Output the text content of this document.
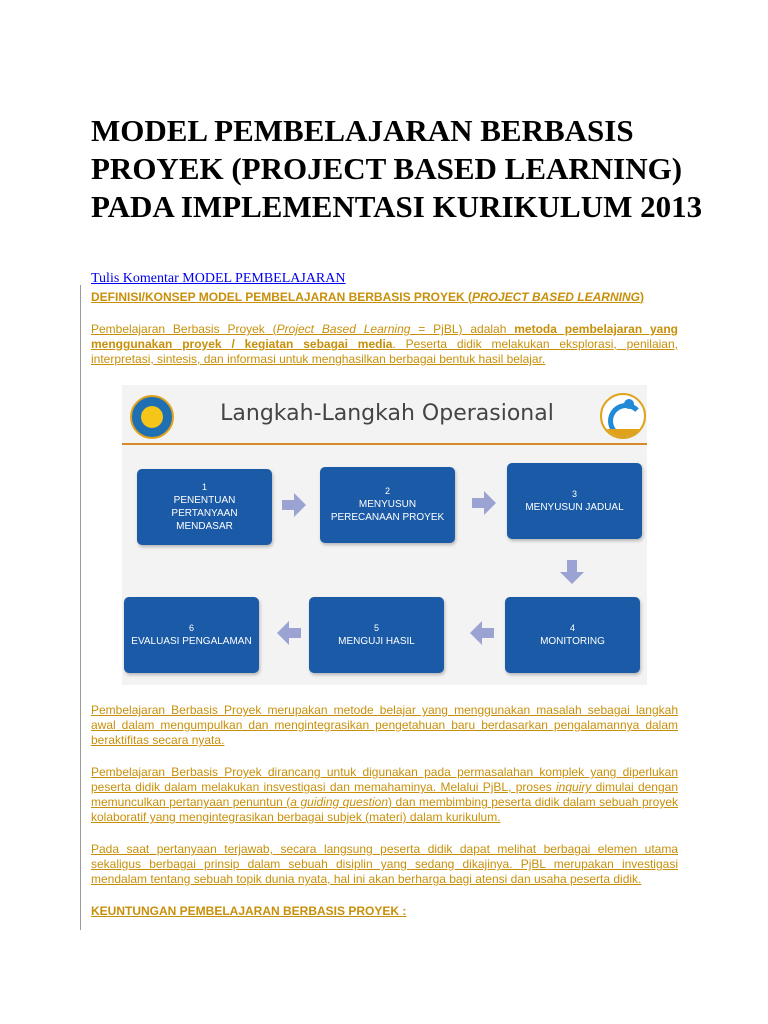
MODEL PEMBELAJARAN BERBASIS PROYEK (PROJECT BASED LEARNING) PADA IMPLEMENTASI KURIKULUM 2013
Tulis Komentar MODEL PEMBELAJARAN

DEFINISI/KONSEP MODEL PEMBELAJARAN BERBASIS PROYEK (PROJECT BASED LEARNING)

Pembelajaran Berbasis Proyek (Project Based Learning = PjBL) adalah metoda pembelajaran yang menggunakan proyek / kegiatan sebagai media. Peserta didik melakukan eksplorasi, penilaian, interpretasi, sintesis, dan informasi untuk menghasilkan berbagai bentuk hasil belajar.

Langkah-Langkah Operasional
1
PENENTUAN PERTANYAAN MENDASAR
2
MENYUSUN PERECANAAN PROYEK
3
MENYUSUN JADUAL
4
MONITORING
5
MENGUJI HASIL
6
EVALUASI PENGALAMAN

Pembelajaran Berbasis Proyek merupakan metode belajar yang menggunakan masalah sebagai langkah awal dalam mengumpulkan dan mengintegrasikan pengetahuan baru berdasarkan pengalamannya dalam beraktifitas secara nyata.

Pembelajaran Berbasis Proyek dirancang untuk digunakan pada permasalahan komplek yang diperlukan peserta didik dalam melakukan insvestigasi dan memahaminya. Melalui PjBL, proses inquiry dimulai dengan memunculkan pertanyaan penuntun (a guiding question) dan membimbing peserta didik dalam sebuah proyek kolaboratif yang mengintegrasikan berbagai subjek (materi) dalam kurikulum.

Pada saat pertanyaan terjawab, secara langsung peserta didik dapat melihat berbagai elemen utama sekaligus berbagai prinsip dalam sebuah disiplin yang sedang dikajinya. PjBL merupakan investigasi mendalam tentang sebuah topik dunia nyata, hal ini akan berharga bagi atensi dan usaha peserta didik.

KEUNTUNGAN PEMBELAJARAN BERBASIS PROYEK :
